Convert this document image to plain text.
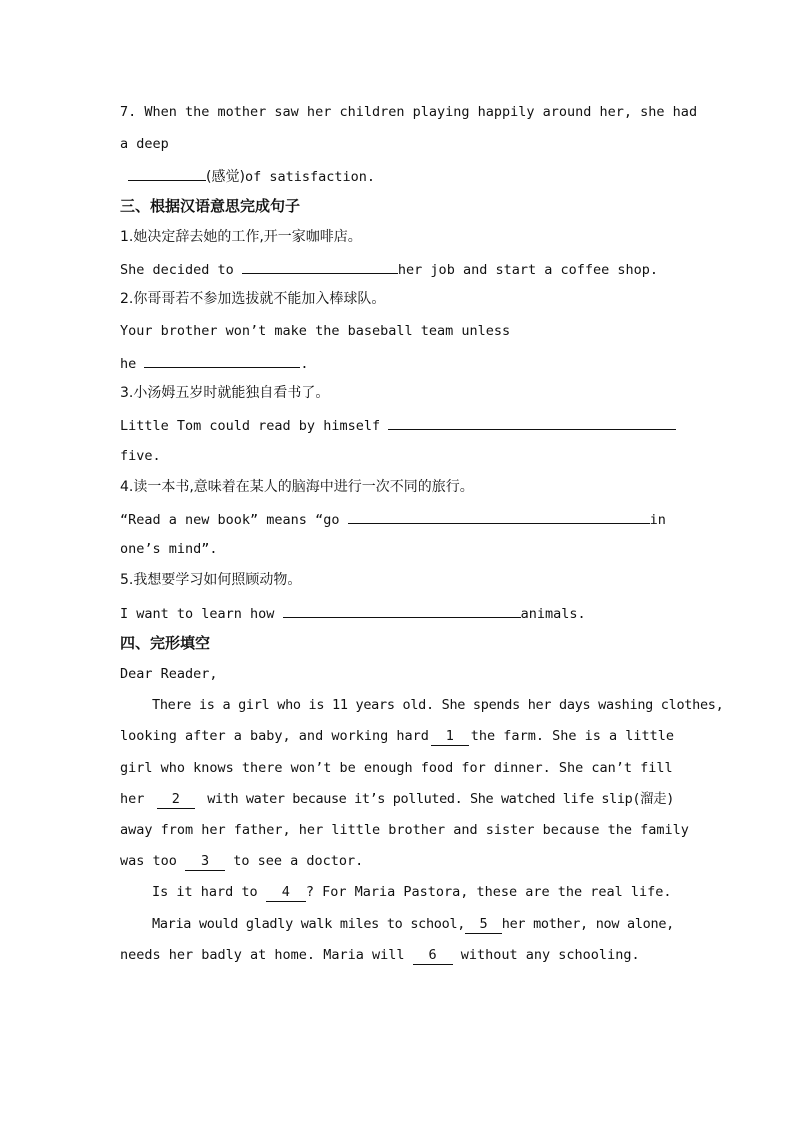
7. When the mother saw her children playing happily around her, she had
a deep
(感觉)of satisfaction.
三、根据汉语意思完成句子
1.她决定辞去她的工作,开一家咖啡店。
She decided to	her job and start a coffee shop.
2.你哥哥若不参加选拔就不能加入棒球队。
Your brother won’t make the baseball team unless
he	.
3.小汤姆五岁时就能独自看书了。
Little Tom could read by himself
five.
4.读一本书,意味着在某人的脑海中进行一次不同的旅行。
“Read a new book” means “go	in
one’s mind”.
5.我想要学习如何照顾动物。
I want to learn how	animals.
四、完形填空
Dear Reader,
There is a girl who is 11 years old. She spends her days washing clothes,
looking after a baby, and working hard	1	the farm. She is a little
girl who knows there won’t be enough food for dinner. She can’t fill
her	2	with water because it’s polluted. She watched life slip(溜走)
away from her father, her little brother and sister because the family
was too 3 to see a doctor.
Is it hard to 4 ? For Maria Pastora, these are the real life.
Maria would gladly walk miles to school,	5	her mother, now alone,
needs her badly at home. Maria will 6 without any schooling.
